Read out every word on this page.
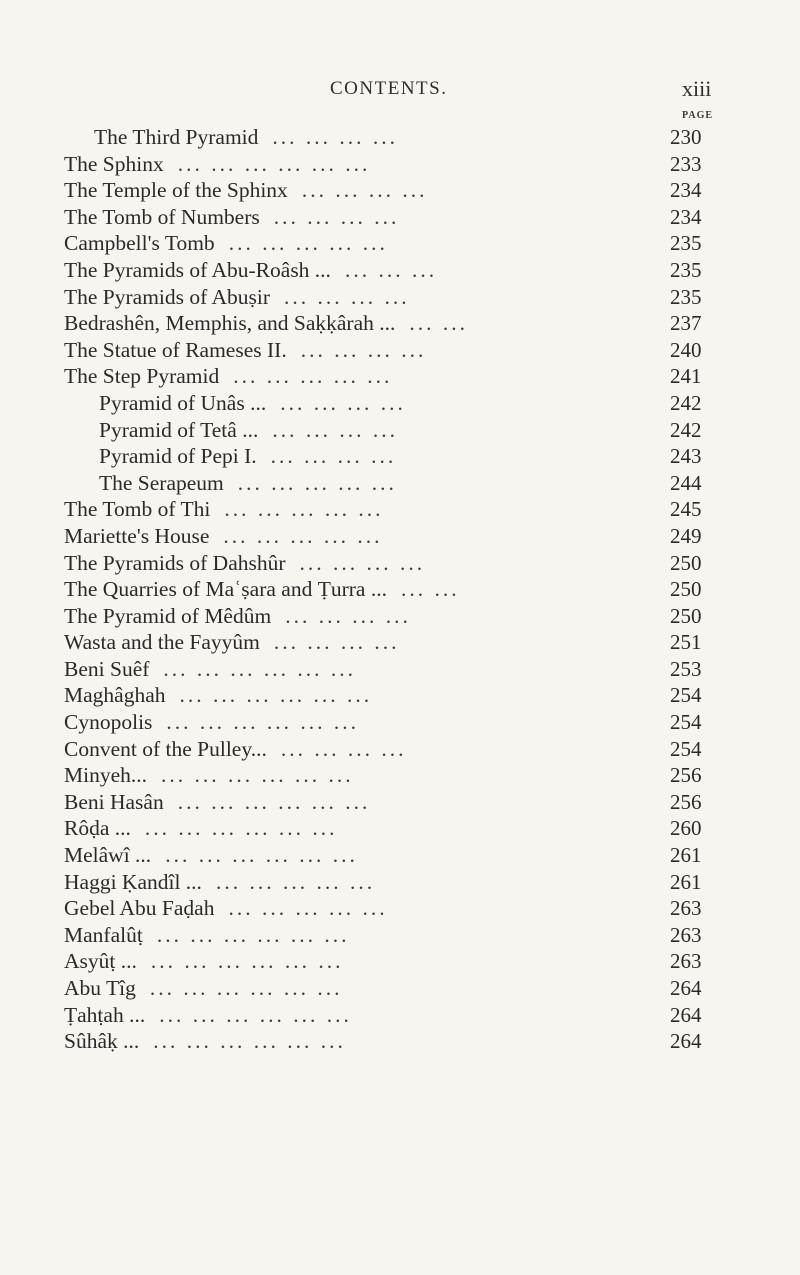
CONTENTS.	xiii
PAGE
The Third Pyramid ... ... ... ...	230
The Sphinx ... ... ... ... ... ...	233
The Temple of the Sphinx ... ... ... ...	234
The Tomb of Numbers ... ... ... ...	234
Campbell's Tomb ... ... ... ... ...	235
The Pyramids of Abu-Roâsh ... ... ... ...	235
The Pyramids of Abuṣir ... ... ... ...	235
Bedrashên, Memphis, and Saḳḳârah ... ... ...	237
The Statue of Rameses II. ... ... ... ...	240
The Step Pyramid ... ... ... ... ...	241
Pyramid of Unâs ... ... ... ... ...	242
Pyramid of Tetâ ... ... ... ... ...	242
Pyramid of Pepi I. ... ... ... ...	243
The Serapeum ... ... ... ... ...	244
The Tomb of Thi ... ... ... ... ...	245
Mariette's House ... ... ... ... ...	249
The Pyramids of Dahshûr ... ... ... ...	250
The Quarries of Maʿṣara and Ṭurra ... ... ...	250
The Pyramid of Mêdûm ... ... ... ...	250
Wasta and the Fayyûm ... ... ... ...	251
Beni Suêf ... ... ... ... ... ...	253
Maghâghah ... ... ... ... ... ...	254
Cynopolis ... ... ... ... ... ...	254
Convent of the Pulley... ... ... ... ...	254
Minyeh... ... ... ... ... ... ...	256
Beni Hasân ... ... ... ... ... ...	256
Rôḍa ... ... ... ... ... ... ...	260
Melâwî ... ... ... ... ... ... ...	261
Haggi Ḳandîl ... ... ... ... ... ...	261
Gebel Abu Faḍah ... ... ... ... ...	263
Manfalûṭ ... ... ... ... ... ...	263
Asyûṭ ... ... ... ... ... ... ...	263
Abu Tîg ... ... ... ... ... ...	264
Ṭahṭah ... ... ... ... ... ... ...	264
Sûhâḳ ... ... ... ... ... ... ...	264
